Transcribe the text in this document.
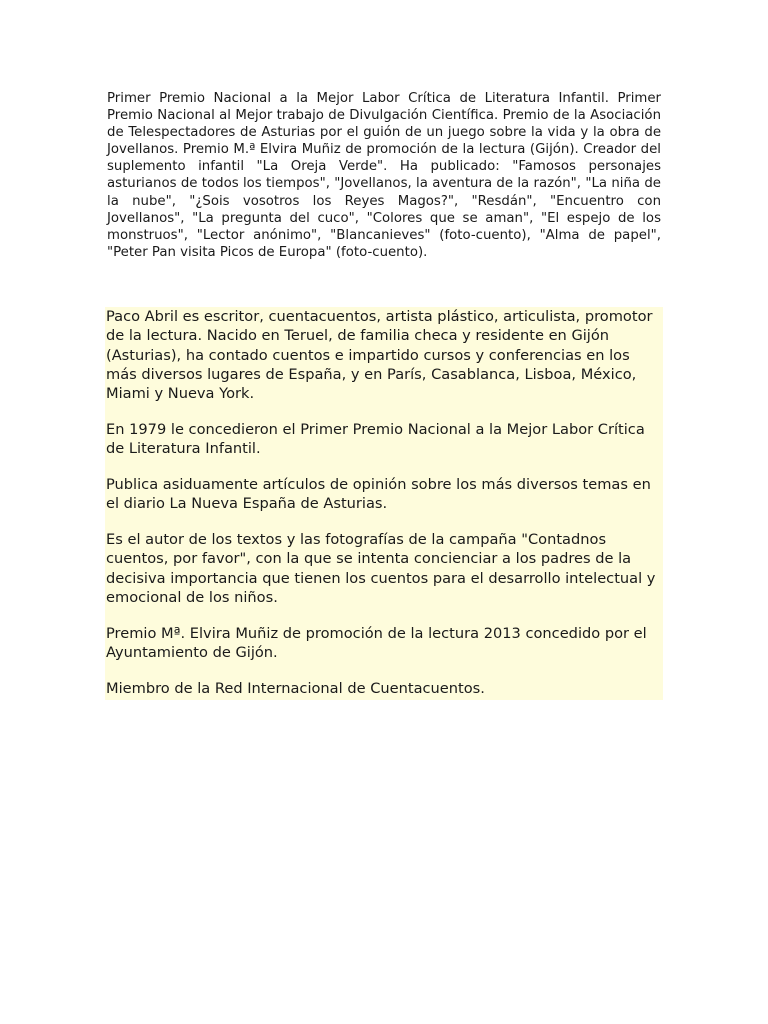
Primer Premio Nacional a la Mejor Labor Crítica de Literatura Infantil. Primer Premio Nacional al Mejor trabajo de Divulgación Científica. Premio de la Asociación de Telespectadores de Asturias por el guión de un juego sobre la vida y la obra de Jovellanos. Premio M.ª Elvira Muñiz de promoción de la lectura (Gijón). Creador del suplemento infantil "La Oreja Verde". Ha publicado: "Famosos personajes asturianos de todos los tiempos", "Jovellanos, la aventura de la razón", "La niña de la nube", "¿Sois vosotros los Reyes Magos?", "Resdán", "Encuentro con Jovellanos", "La pregunta del cuco", "Colores que se aman", "El espejo de los monstruos", "Lector anónimo", "Blancanieves" (foto-cuento), "Alma de papel", "Peter Pan visita Picos de Europa" (foto-cuento).

Paco Abril es escritor, cuentacuentos, artista plástico, articulista, promotor de la lectura. Nacido en Teruel, de familia checa y residente en Gijón (Asturias), ha contado cuentos e impartido cursos y conferencias en los más diversos lugares de España, y en París, Casablanca, Lisboa, México, Miami y Nueva York.

En 1979 le concedieron el Primer Premio Nacional a la Mejor Labor Crítica de Literatura Infantil.

Publica asiduamente artículos de opinión sobre los más diversos temas en el diario La Nueva España de Asturias.

Es el autor de los textos y las fotografías de la campaña "Contadnos cuentos, por favor", con la que se intenta concienciar a los padres de la decisiva importancia que tienen los cuentos para el desarrollo intelectual y emocional de los niños.

Premio Mª. Elvira Muñiz de promoción de la lectura 2013 concedido por el Ayuntamiento de Gijón.

Miembro de la Red Internacional de Cuentacuentos.
